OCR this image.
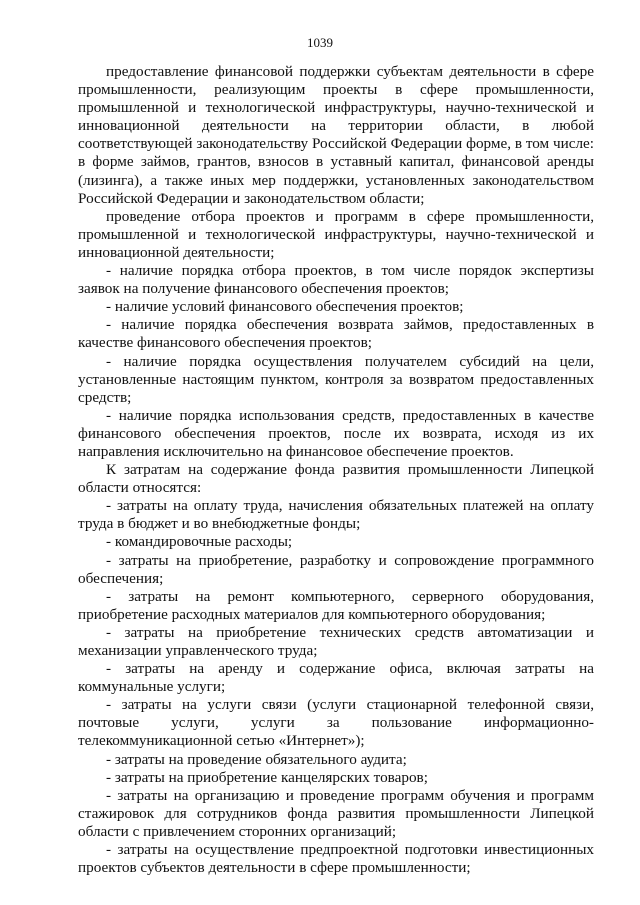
1039

предоставление финансовой поддержки субъектам деятельности в сфере промышленности, реализующим проекты в сфере промышленности, промышленной и технологической инфраструктуры, научно-технической и инновационной деятельности на территории области, в любой соответствующей законодательству Российской Федерации форме, в том числе: в форме займов, грантов, взносов в уставный капитал, финансовой аренды (лизинга), а также иных мер поддержки, установленных законодательством Российской Федерации и законодательством области;

проведение отбора проектов и программ в сфере промышленности, промышленной и технологической инфраструктуры, научно-технической и инновационной деятельности;

- наличие порядка отбора проектов, в том числе порядок экспертизы заявок на получение финансового обеспечения проектов;

- наличие условий финансового обеспечения проектов;

- наличие порядка обеспечения возврата займов, предоставленных в качестве финансового обеспечения проектов;

- наличие порядка осуществления получателем субсидий на цели, установленные настоящим пунктом, контроля за возвратом предоставленных средств;

- наличие порядка использования средств, предоставленных в качестве финансового обеспечения проектов, после их возврата, исходя из их направления исключительно на финансовое обеспечение проектов.

К затратам на содержание фонда развития промышленности Липецкой области относятся:

- затраты на оплату труда, начисления обязательных платежей на оплату труда в бюджет и во внебюджетные фонды;

- командировочные расходы;

- затраты на приобретение, разработку и сопровождение программного обеспечения;

- затраты на ремонт компьютерного, серверного оборудования, приобретение расходных материалов для компьютерного оборудования;

- затраты на приобретение технических средств автоматизации и механизации управленческого труда;

- затраты на аренду и содержание офиса, включая затраты на коммунальные услуги;

- затраты на услуги связи (услуги стационарной телефонной связи, почтовые услуги, услуги за пользование информационно-телекоммуникационной сетью «Интернет»);

- затраты на проведение обязательного аудита;

- затраты на приобретение канцелярских товаров;

- затраты на организацию и проведение программ обучения и программ стажировок для сотрудников фонда развития промышленности Липецкой области с привлечением сторонних организаций;

- затраты на осуществление предпроектной подготовки инвестиционных проектов субъектов деятельности в сфере промышленности;
